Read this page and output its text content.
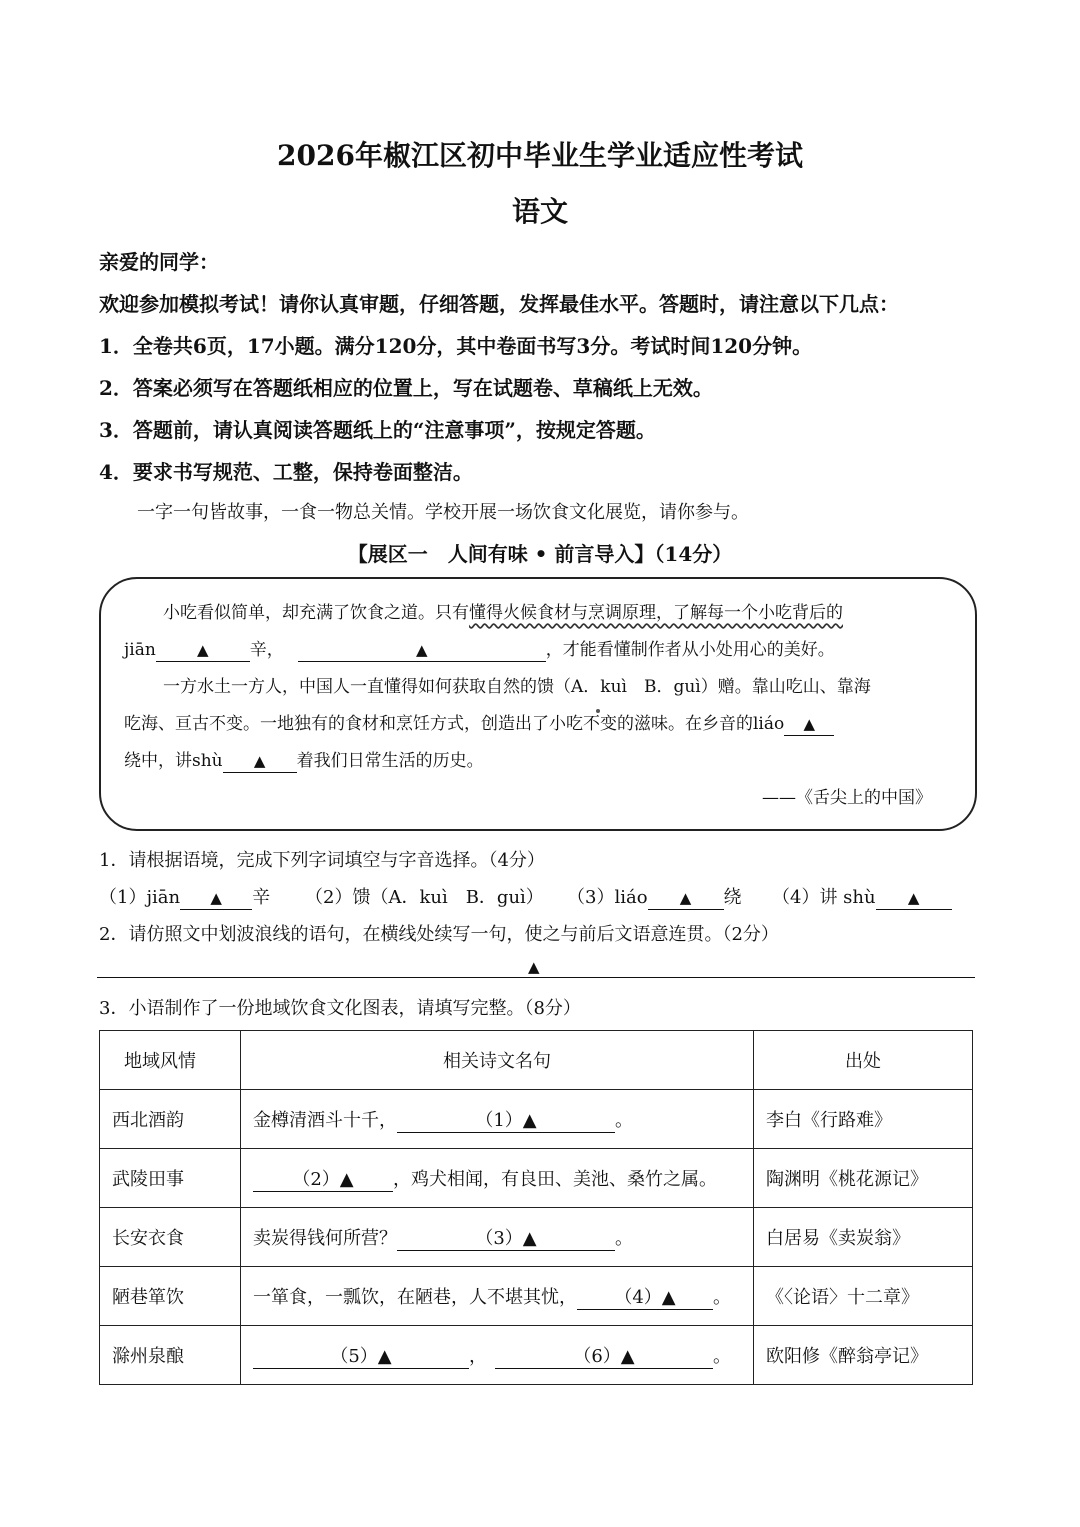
2026年椒江区初中毕业生学业适应性考试
语文
亲爱的同学：
欢迎参加模拟考试！请你认真审题，仔细答题，发挥最佳水平。答题时，请注意以下几点：
1．全卷共6页，17小题。满分120分，其中卷面书写3分。考试时间120分钟。
2．答案必须写在答题纸相应的位置上，写在试题卷、草稿纸上无效。
3．答题前，请认真阅读答题纸上的“注意事项”，按规定答题。
4．要求书写规范、工整，保持卷面整洁。
一字一句皆故事，一食一物总关情。学校开展一场饮食文化展览，请你参与。
【展区一　人间有味 • 前言导入】（14分）
小吃看似简单，却充满了饮食之道。只有懂得火候食材与烹调原理，了解每一个小吃背后的
jiān	▲ 辛，	▲	，才能看懂制作者从小处用心的美好。
一方水土一方人，中国人一直懂得如何获取自然的馈（A．kuì　B．guì）赠。靠山吃山、靠海
吃海、亘古不变。一地独有的食材和烹饪方式，创造出了小吃不变的滋味。在乡音的liáo ▲
绕中，讲shù ▲ 着我们日常生活的历史。
——《舌尖上的中国》
1．请根据语境，完成下列字词填空与字音选择。（4分）
（1）jiān ▲ 辛 （2）馈（A．kuì　B．guì） （3）liáo ▲ 绕 （4）讲 shù ▲
2．请仿照文中划波浪线的语句，在横线处续写一句，使之与前后文语意连贯。（2分）
▲
3．小语制作了一份地域饮食文化图表，请填写完整。（8分）
地域风情	相关诗文名句	出处
西北酒韵	金樽清酒斗十千， （1）▲ 。	李白《行路难》
武陵田事	（2）▲ ，鸡犬相闻，有良田、美池、桑竹之属。	陶渊明《桃花源记》
长安衣食	卖炭得钱何所营？ （3）▲ 。	白居易《卖炭翁》
陋巷箪饮	一箪食，一瓢饮，在陋巷，人不堪其忧， （4）▲ 。	《〈论语〉十二章》
滁州泉酿	（5）▲ ， （6）▲ 。	欧阳修《醉翁亭记》
